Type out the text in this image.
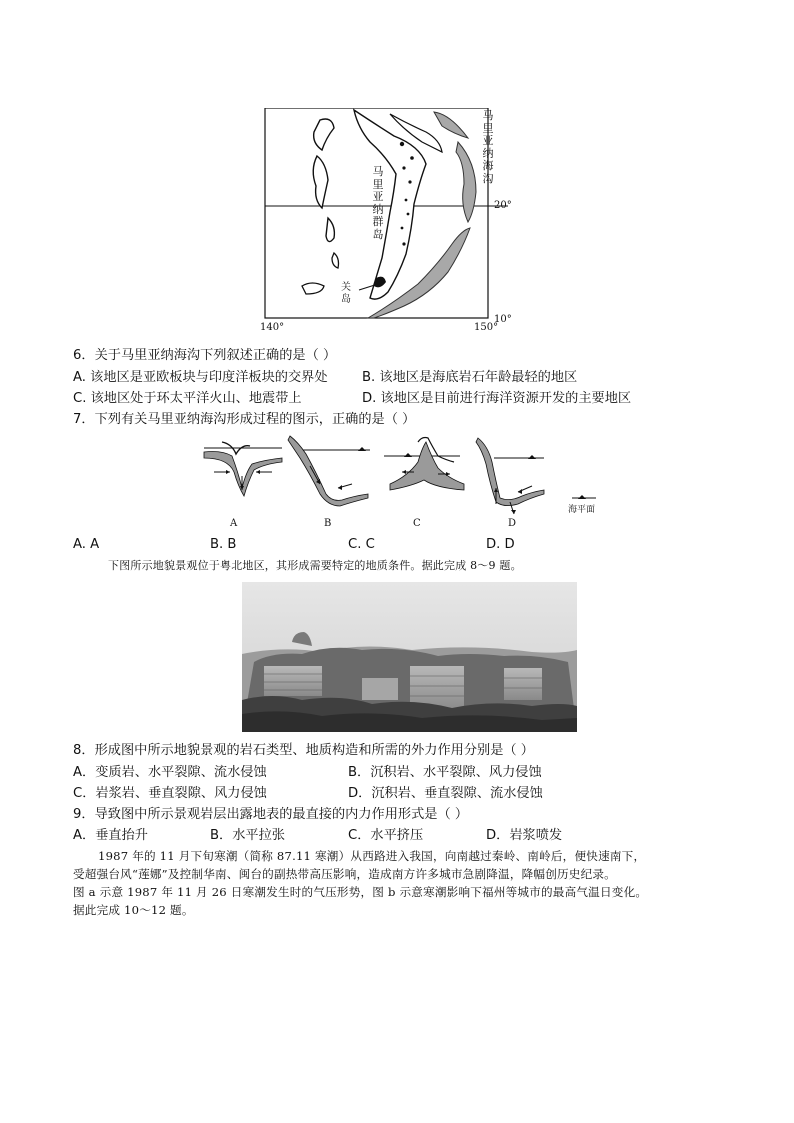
马里亚纳海沟
马里亚纳群岛
关岛
20°
10°
140°	150°
6．关于马里亚纳海沟下列叙述正确的是（ ）
A. 该地区是亚欧板块与印度洋板块的交界处	B. 该地区是海底岩石年龄最轻的地区
C. 该地区处于环太平洋火山、地震带上	D. 该地区是目前进行海洋资源开发的主要地区
7．下列有关马里亚纳海沟形成过程的图示，正确的是（ ）
A	B	C	D
海平面
A. A	B. B	C. C	D. D
下图所示地貌景观位于粤北地区，其形成需要特定的地质条件。据此完成 8～9 题。
8．形成图中所示地貌景观的岩石类型、地质构造和所需的外力作用分别是（ ）
A．变质岩、水平裂隙、流水侵蚀	B．沉积岩、水平裂隙、风力侵蚀
C．岩浆岩、垂直裂隙、风力侵蚀	D．沉积岩、垂直裂隙、流水侵蚀
9．导致图中所示景观岩层出露地表的最直接的内力作用形式是（ ）
A．垂直抬升	B．水平拉张	C．水平挤压	D．岩浆喷发
1987 年的 11 月下旬寒潮（简称 87.11 寒潮）从西路进入我国，向南越过秦岭、南岭后，便快速南下，
受超强台风“莲娜”及控制华南、闽台的副热带高压影响，造成南方许多城市急剧降温，降幅创历史纪录。
图 a 示意 1987 年 11 月 26 日寒潮发生时的气压形势，图 b 示意寒潮影响下福州等城市的最高气温日变化。
据此完成 10～12 题。
